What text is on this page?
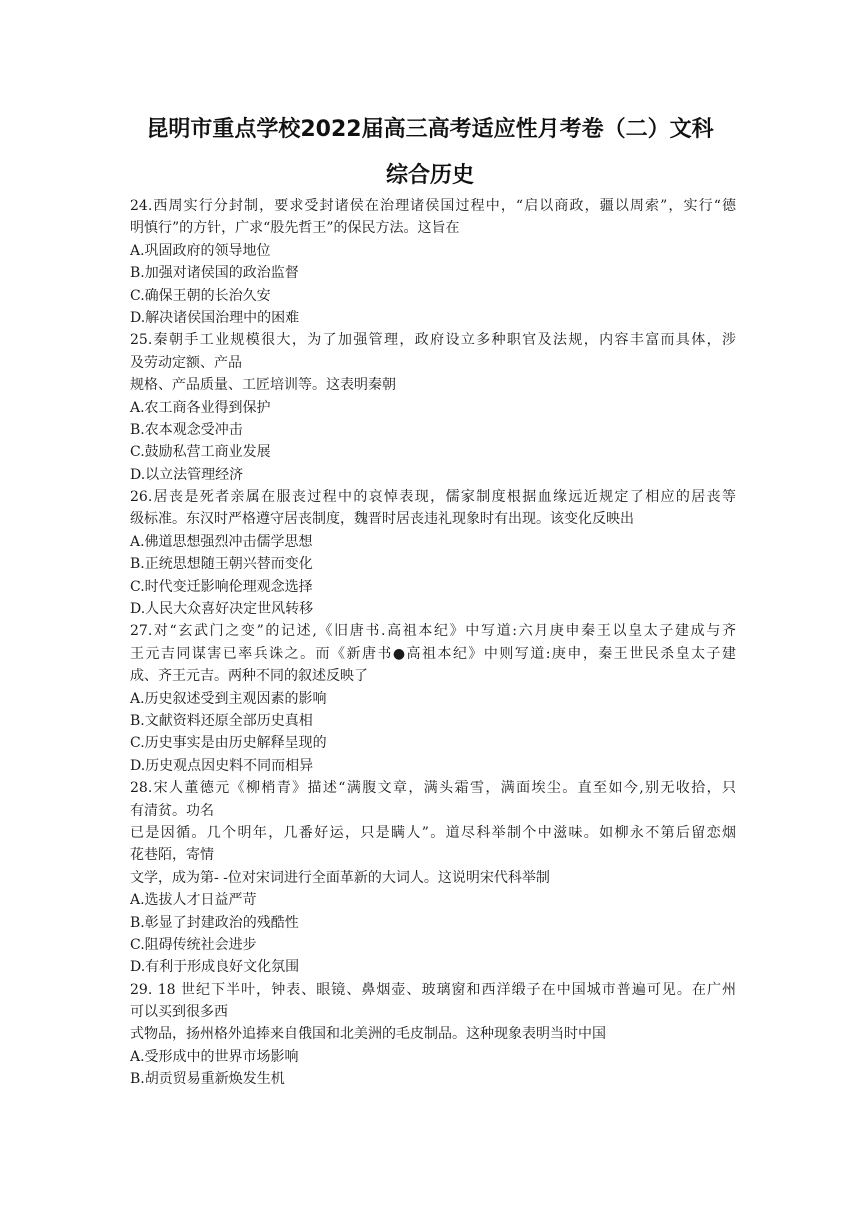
昆明市重点学校2022届高三高考适应性月考卷（二）文科
综合历史
24.西周实行分封制，要求受封诸侯在治理诸侯国过程中，“启以商政，疆以周索”，实行“德
明慎行”的方针，广求“股先哲王”的保民方法。这旨在
A.巩固政府的领导地位
B.加强对诸侯国的政治监督
C.确保王朝的长治久安
D.解决诸侯国治理中的困难
25.秦朝手工业规模很大，为了加强管理，政府设立多种职官及法规，内容丰富而具体，涉
及劳动定额、产品
规格、产品质量、工匠培训等。这表明秦朝
A.农工商各业得到保护
B.农本观念受冲击
C.鼓励私营工商业发展
D.以立法管理经济
26.居丧是死者亲属在服丧过程中的哀悼表现，儒家制度根据血缘远近规定了相应的居丧等
级标准。东汉时严格遵守居丧制度，魏晋时居丧违礼现象时有出现。该变化反映出
A.佛道思想强烈冲击儒学思想
B.正统思想随王朝兴替而变化
C.时代变迁影响伦理观念选择
D.人民大众喜好决定世风转移
27.对“玄武门之变”的记述,《旧唐书.高祖本纪》中写道:六月庚申秦王以皇太子建成与齐
王元吉同谋害已率兵诛之。而《新唐书●高祖本纪》中则写道:庚申，秦王世民杀皇太子建
成、齐王元吉。两种不同的叙述反映了
A.历史叙述受到主观因素的影响
B.文献资料还原全部历史真相
C.历史事实是由历史解释呈现的
D.历史观点因史料不同而相异
28.宋人董德元《柳梢青》描述“满腹文章，满头霜雪，满面埃尘。直至如今,别无收拾，只
有清贫。功名
已是因循。几个明年，几番好运，只是瞒人”。道尽科举制个中滋味。如柳永不第后留恋烟
花巷陌，寄情
文学，成为第- -位对宋词进行全面革新的大词人。这说明宋代科举制
A.选拔人才日益严苛
B.彰显了封建政治的残酷性
C.阻碍传统社会进步
D.有利于形成良好文化氛围
29. 18 世纪下半叶，钟表、眼镜、鼻烟壶、玻璃窗和西洋缎子在中国城市普遍可见。在广州
可以买到很多西
式物品，扬州格外追捧来自俄国和北美洲的毛皮制品。这种现象表明当时中国
A.受形成中的世界市场影响
B.胡贡贸易重新焕发生机
